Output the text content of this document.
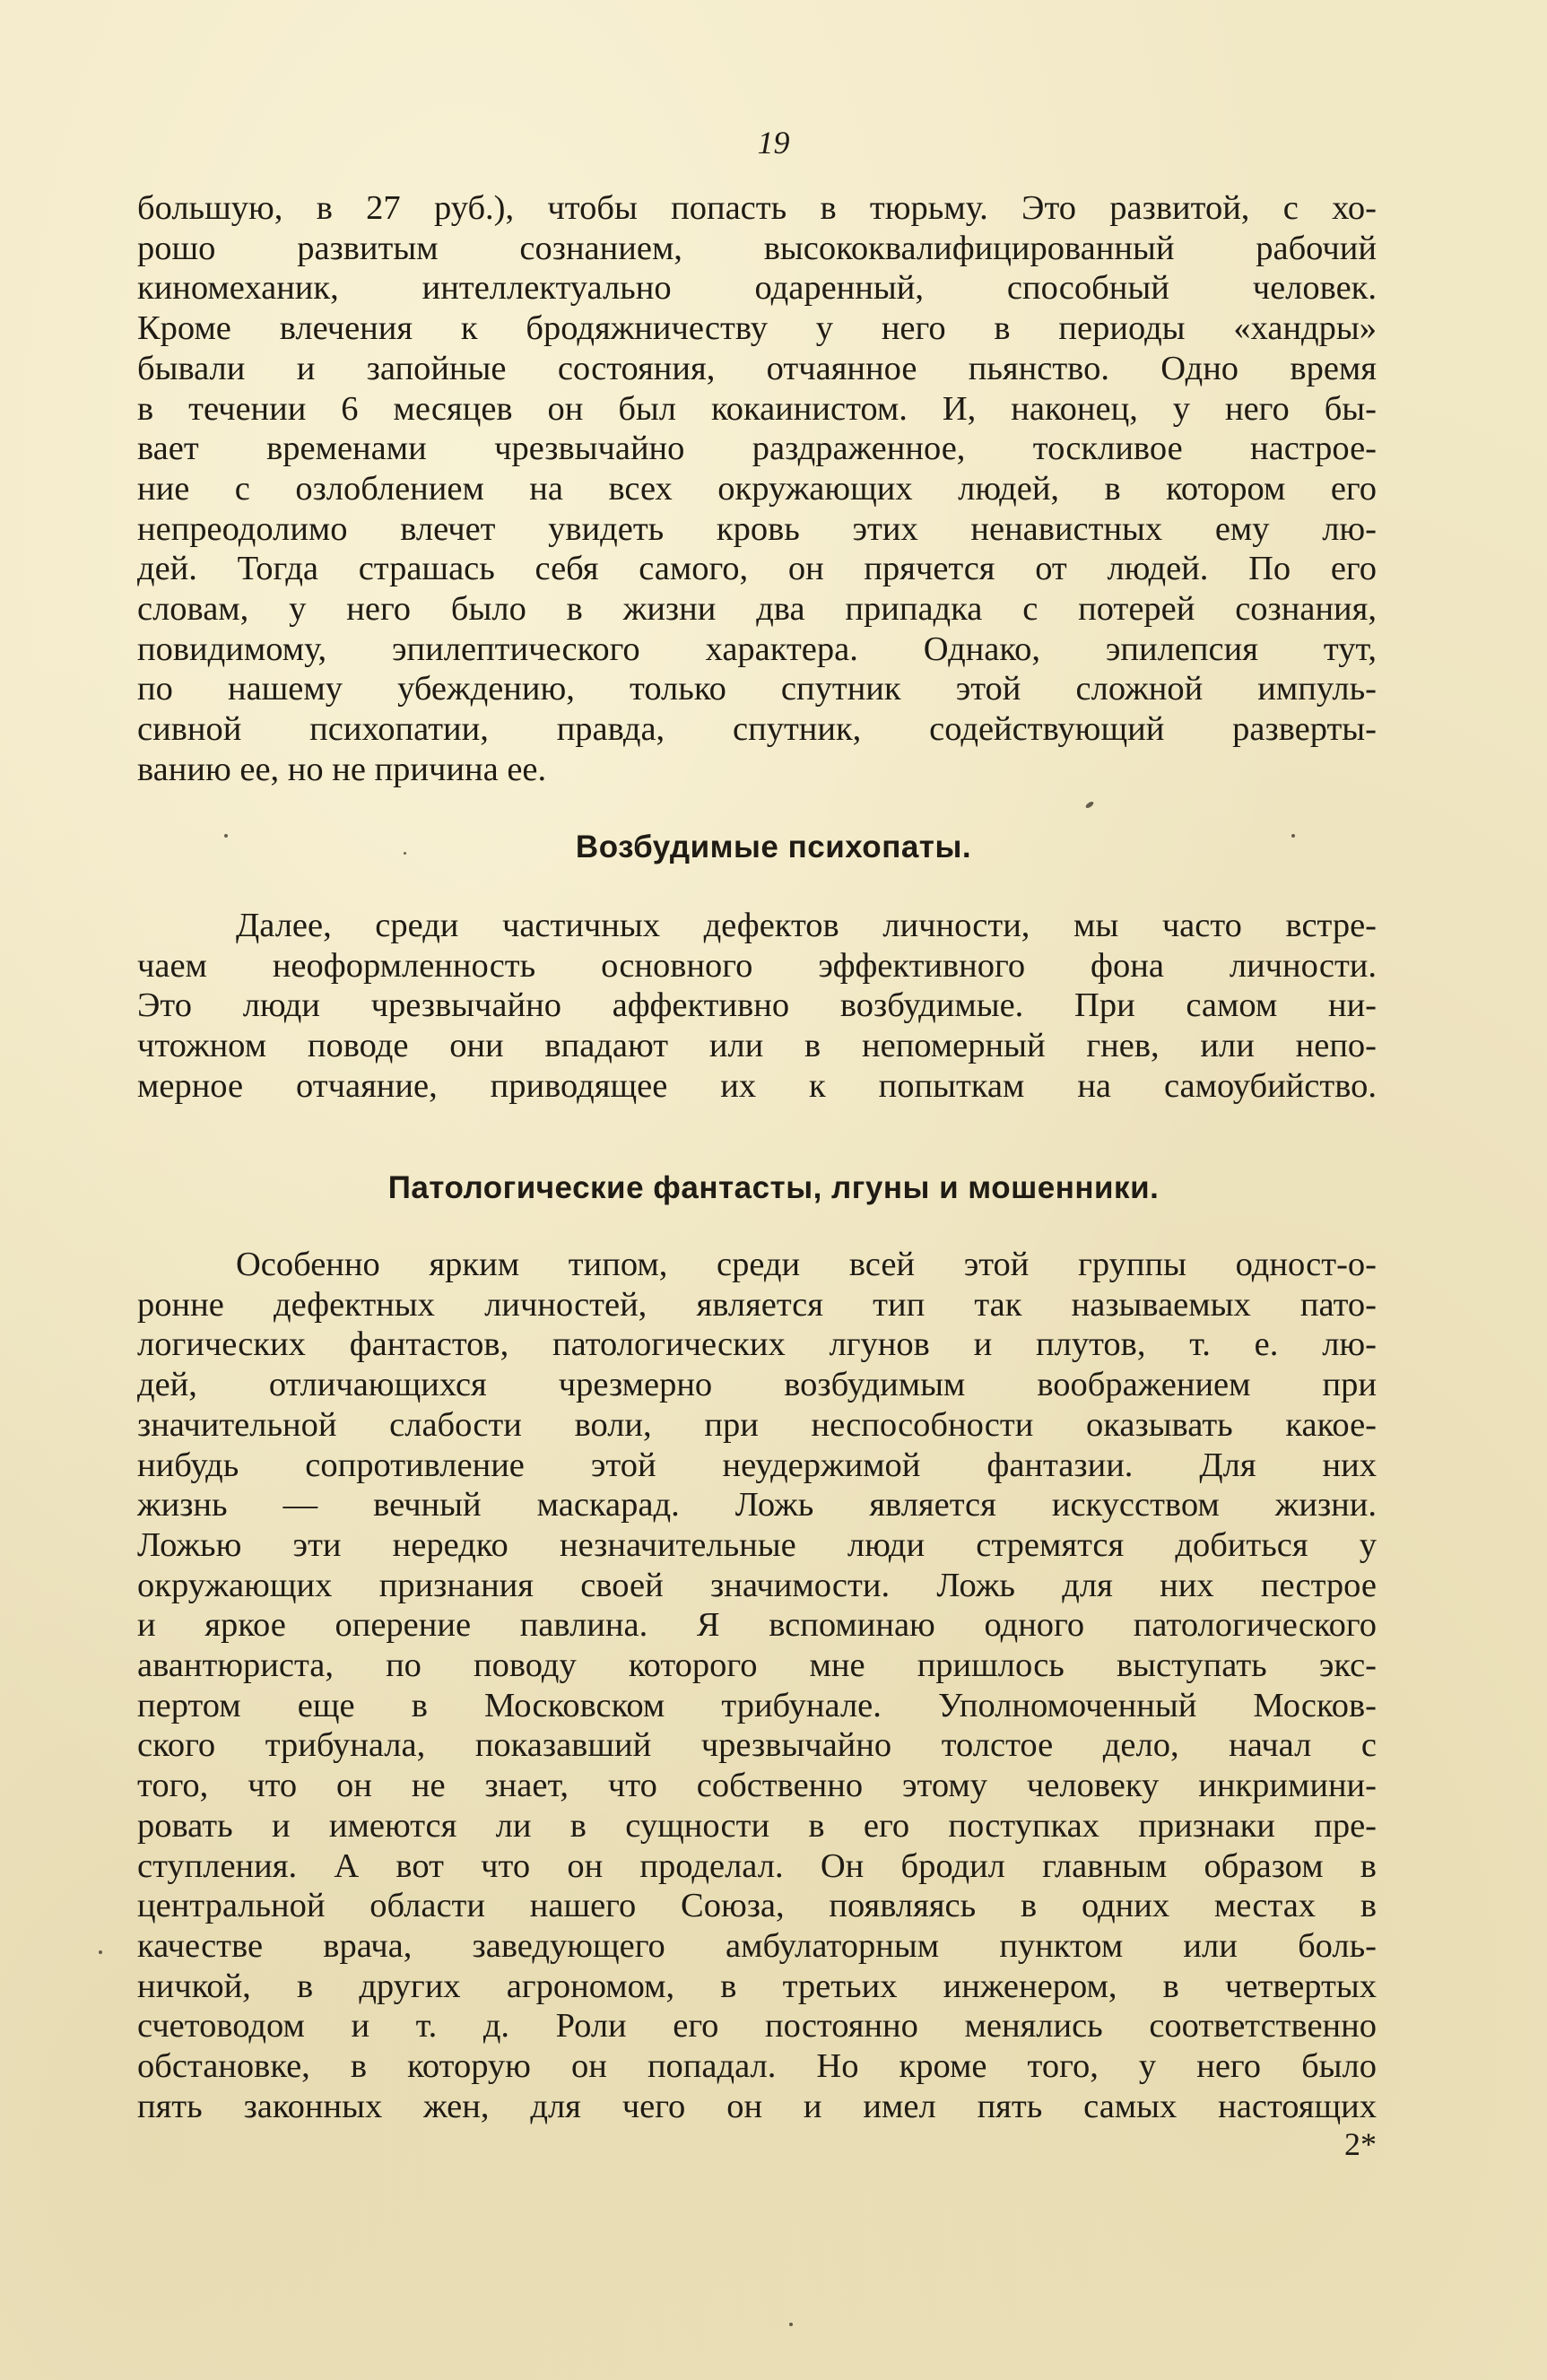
19
большую, в 27 руб.), чтобы попасть в тюрьму. Это развитой, с хо-
рошо развитым сознанием, высококвалифицированный рабочий
киномеханик, интеллектуально одаренный, способный человек.
Кроме влечения к бродяжничеству у него в периоды «хандры»
бывали и запойные состояния, отчаянное пьянство. Одно время
в течении 6 месяцев он был кокаинистом. И, наконец, у него бы-
вает временами чрезвычайно раздраженное, тоскливое настрое-
ние с озлоблением на всех окружающих людей, в котором его
непреодолимо влечет увидеть кровь этих ненавистных ему лю-
дей. Тогда страшась себя самого, он прячется от людей. По его
словам, у него было в жизни два припадка с потерей сознания,
повидимому, эпилептического характера. Однако, эпилепсия тут,
по нашему убеждению, только спутник этой сложной импуль-
сивной психопатии, правда, спутник, содействующий разверты-
ванию ее, но не причина ее.
Возбудимые психопаты.
Далее, среди частичных дефектов личности, мы часто встре-
чаем неоформленность основного эффективного фона личности.
Это люди чрезвычайно аффективно возбудимые. При самом ни-
чтожном поводе они впадают или в непомерный гнев, или непо-
мерное отчаяние, приводящее их к попыткам на самоубийство.
Патологические фантасты, лгуны и мошенники.
Особенно ярким типом, среди всей этой группы одност-о-
ронне дефектных личностей, является тип так называемых пато-
логических фантастов, патологических лгунов и плутов, т. е. лю-
дей, отличающихся чрезмерно возбудимым воображением при
значительной слабости воли, при неспособности оказывать какое-
нибудь сопротивление этой неудержимой фантазии. Для них
жизнь — вечный маскарад. Ложь является искусством жизни.
Ложью эти нередко незначительные люди стремятся добиться у
окружающих признания своей значимости. Ложь для них пестрое
и яркое оперение павлина. Я вспоминаю одного патологического
авантюриста, по поводу которого мне пришлось выступать экс-
пертом еще в Московском трибунале. Уполномоченный Москов-
ского трибунала, показавший чрезвычайно толстое дело, начал с
того, что он не знает, что собственно этому человеку инкримини-
ровать и имеются ли в сущности в его поступках признаки пре-
ступления. А вот что он проделал. Он бродил главным образом в
центральной области нашего Союза, появляясь в одних местах в
качестве врача, заведующего амбулаторным пунктом или боль-
ничкой, в других агрономом, в третьих инженером, в четвертых
счетоводом и т. д. Роли его постоянно менялись соответственно
обстановке, в которую он попадал. Но кроме того, у него было
пять законных жен, для чего он и имел пять самых настоящих
2*
